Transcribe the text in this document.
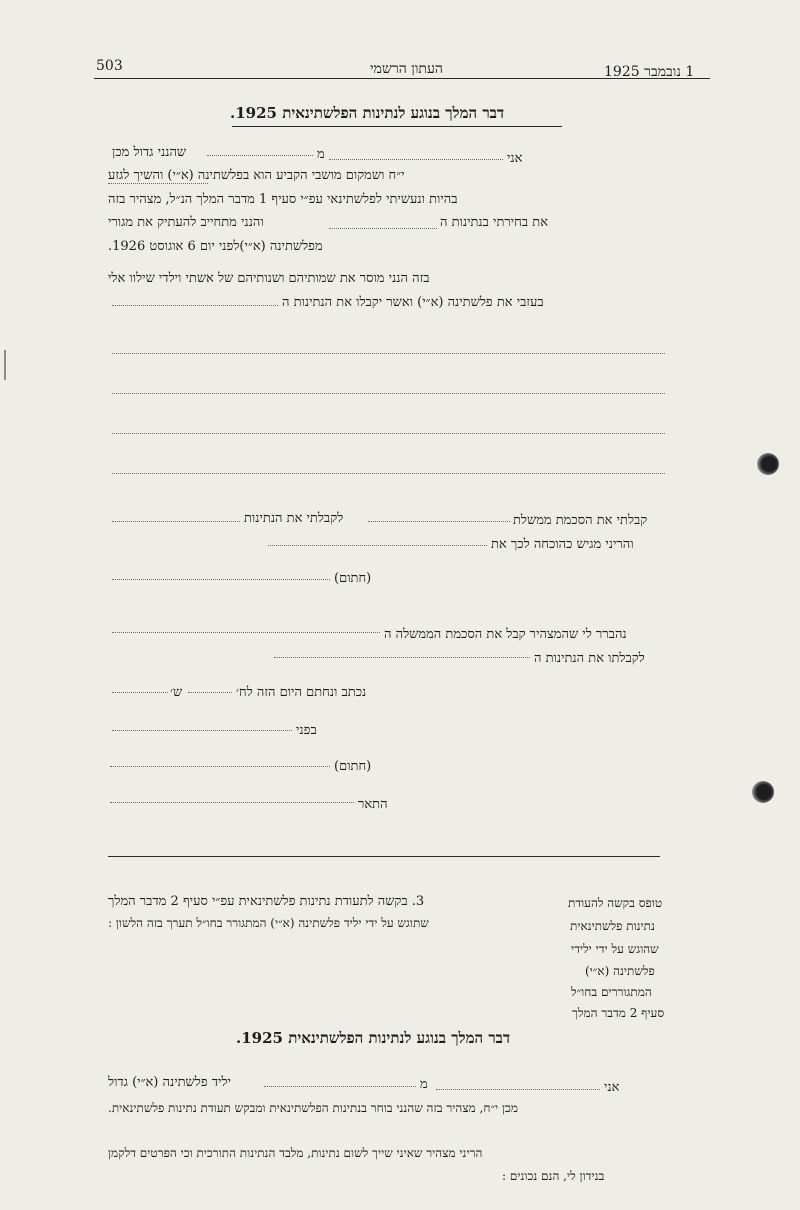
503	העתון הרשמי	1 נובמבר 1925
דבר המלך בנוגע לנתינות הפלשתינאית 1925.
אני
מ
שהנני גדול מכן
י״ח ושמקום מושבי הקביע הוא בפלשתינה (א״י) והשיך לגזע
בהיות ונעשיתי לפלשתינאי עפ״י סעיף 1 מדבר המלך הנ״ל, מצהיר בזה
את בחירתי בנתינות ה
והנני מתחייב להעתיק את מגורי
מפלשתינה (א״י)לפני יום 6 אוגוסט 1926.
בזה הנני מוסר את שמותיהם ושנותיהם של אשתי וילדי שילוו אלי
בעזבי את פלשתינה (א״י) ואשר יקבלו את הנתינות ה
קבלתי את הסכמת ממשלת
לקבלתי את הנתינות
והריני מגיש כהוכחה לכך את
(חתום)
נהברר לי שהמצהיר קבל את הסכמת הממשלה ה
לקבלתו את הנתינות ה
נכתב ונחתם היום הזה לח׳
ש׳
בפני
(חתום)
התאר
טופס בקשה להעודת
נתינות פלשתינאית
שהוגש על ידי ילידי
פלשתינה (א״י)
המתגוררים בחו״ל
סעיף 2 מדבר המלך
3. בקשה לתעודת נתינות פלשתינאית עפ״י סעיף 2 מדבר המלך
שתוגש על ידי יליד פלשתינה (א״י) המתגורר בחו״ל תערך בזה הלשון :
דבר המלך בנוגע לנתינות הפלשתינאית 1925.
אני
מ
יליד פלשתינה (א״י) גדול
מכן י״ח, מצהיר בזה שהנני בוחר בנתינות הפלשתינאית ומבקש תעודת נתינות פלשתינאית.
הריני מצהיר שאיני שייך לשום נתינות, מלבד הנתינות התורכית וכי הפרטים דלקמן
בנידון לי, הנם נכונים :
